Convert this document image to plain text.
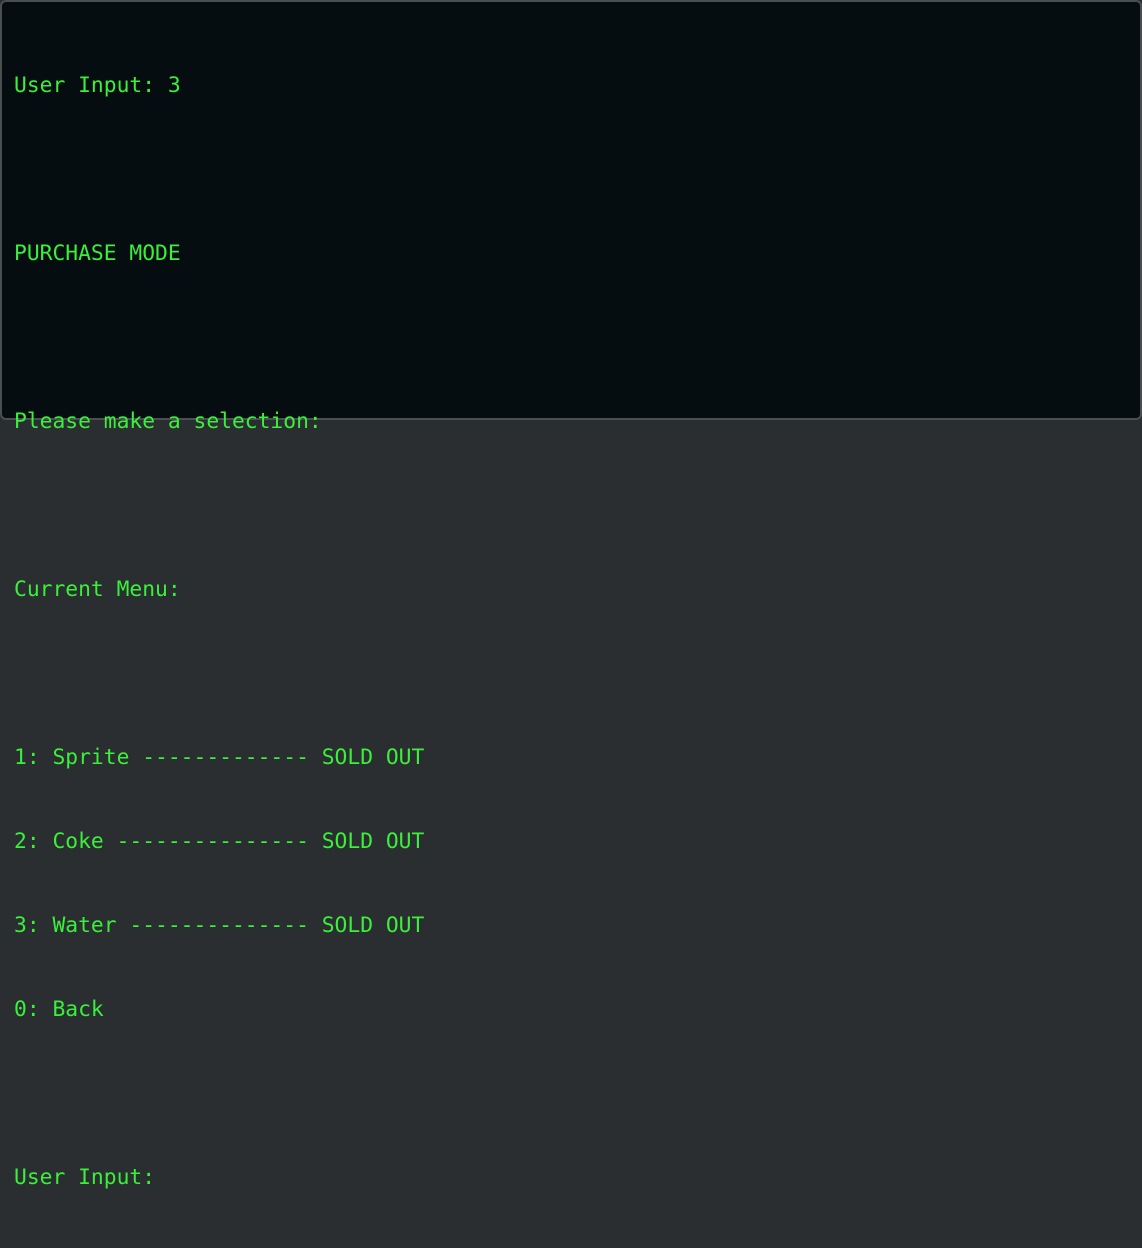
User Input: 3

PURCHASE MODE

Please make a selection:

Current Menu:

1: Sprite ------------- SOLD OUT

2: Coke --------------- SOLD OUT

3: Water -------------- SOLD OUT

0: Back

User Input:
